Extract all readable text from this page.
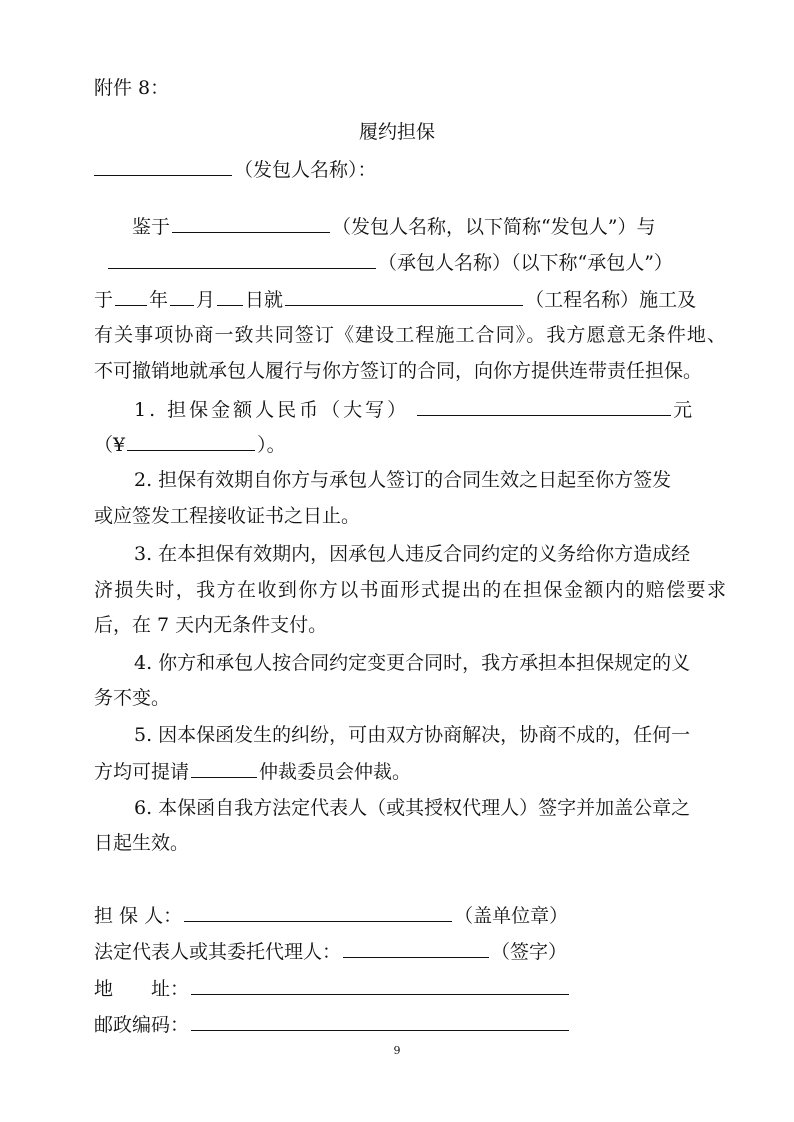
附件 8：
履约担保
（发包人名称）：
鉴于	（发包人名称，以下简称“发包人”）与
（承包人名称）（以下称“承包人”）
于 年 月 日就	（工程名称）施工及
有关事项协商一致共同签订《建设工程施工合同》。我方愿意无条件地、
不可撤销地就承包人履行与你方签订的合同，向你方提供连带责任担保。
1. 担保金额人民币（大写）	元
（¥	）。
2. 担保有效期自你方与承包人签订的合同生效之日起至你方签发
或应签发工程接收证书之日止。
3. 在本担保有效期内，因承包人违反合同约定的义务给你方造成经
济损失时，我方在收到你方以书面形式提出的在担保金额内的赔偿要求
后，在 7 天内无条件支付。
4. 你方和承包人按合同约定变更合同时，我方承担本担保规定的义
务不变。
5. 因本保函发生的纠纷，可由双方协商解决，协商不成的，任何一
方均可提请	仲裁委员会仲裁。
6. 本保函自我方法定代表人（或其授权代理人）签字并加盖公章之
日起生效。
担 保 人：	（盖单位章）
法定代表人或其委托代理人：	（签字）
地　　址：
邮政编码：
9
